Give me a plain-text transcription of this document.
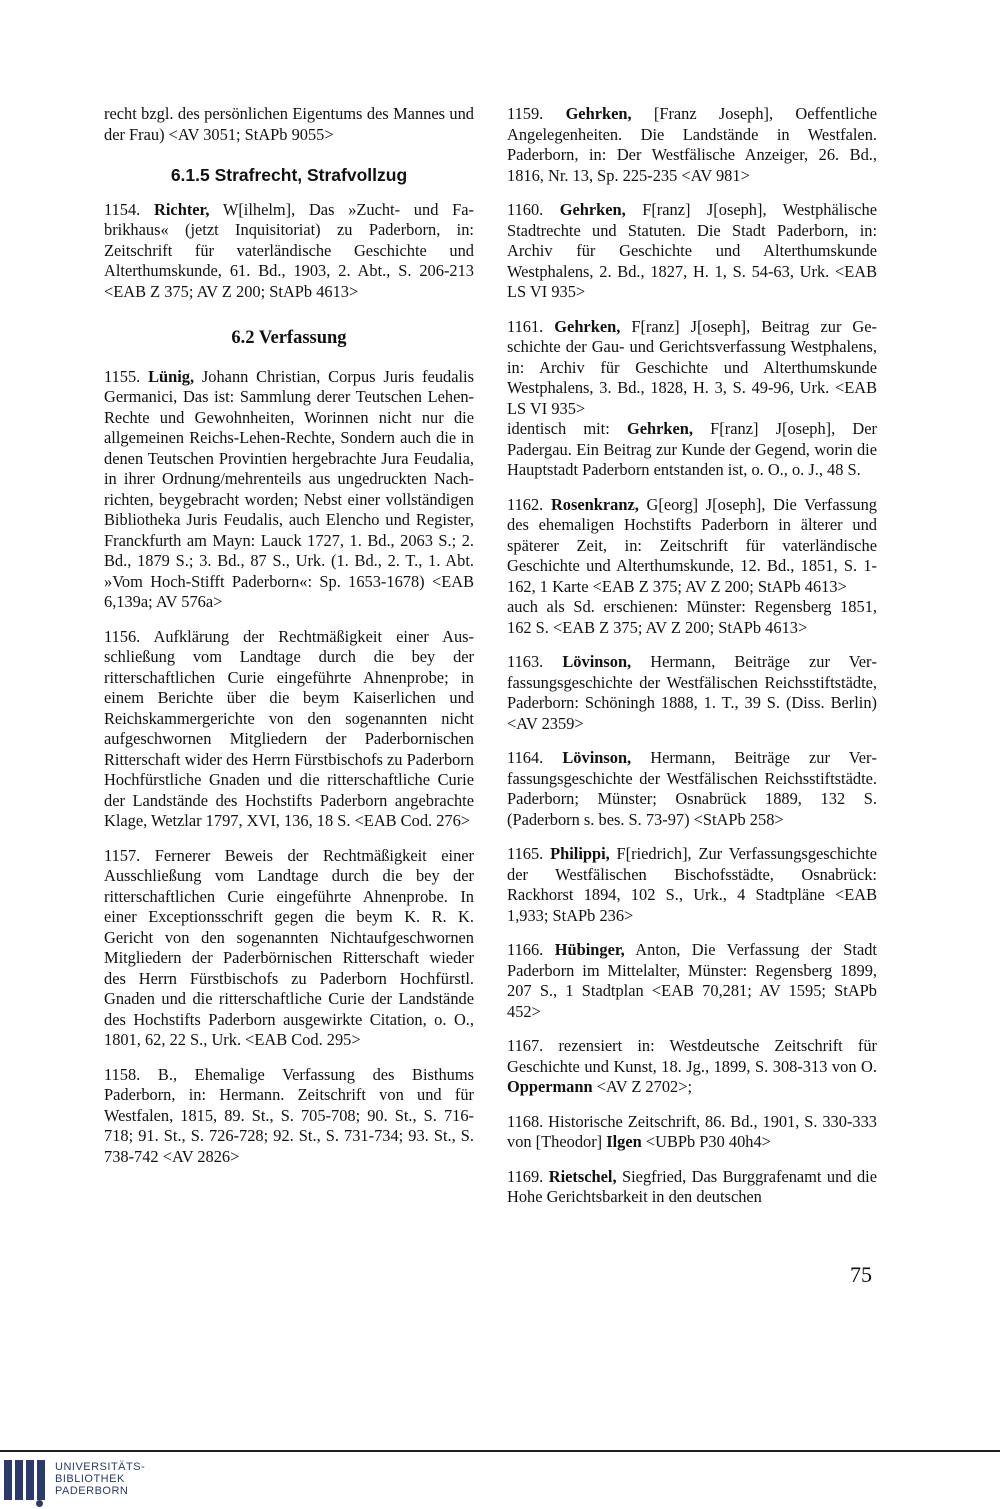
recht bzgl. des persönlichen Eigentums des Mannes und der Frau) <AV 3051; StAPb 9055>

6.1.5 Strafrecht, Strafvollzug

1154. Richter, W[ilhelm], Das »Zucht- und Fabrikhaus« (jetzt Inquisitoriat) zu Paderborn, in: Zeitschrift für vaterländische Geschichte und Alterthumskunde, 61. Bd., 1903, 2. Abt., S. 206-213 <EAB Z 375; AV Z 200; StAPb 4613>

6.2 Verfassung

1155. Lünig, Johann Christian, Corpus Juris feudalis Germanici, Das ist: Sammlung derer Teutschen Lehen-Rechte und Gewohnheiten, Worinnen nicht nur die allgemeinen Reichs-Lehen-Rechte, Sondern auch die in denen Teutschen Provintien hergebrachte Jura Feudalia, in ihrer Ordnung/mehrenteils aus ungedruckten Nachrichten, beygebracht worden; Nebst einer vollständigen Bibliotheka Juris Feudalis, auch Elencho und Register, Franckfurth am Mayn: Lauck 1727, 1. Bd., 2063 S.; 2. Bd., 1879 S.; 3. Bd., 87 S., Urk. (1. Bd., 2. T., 1. Abt. »Vom Hoch-Stifft Paderborn«: Sp. 1653-1678) <EAB 6,139a; AV 576a>

1156. Aufklärung der Rechtmäßigkeit einer Ausschließung vom Landtage durch die bey der ritterschaftlichen Curie eingeführte Ahnenprobe; in einem Berichte über die beym Kaiserlichen und Reichskammergerichte von den sogenannten nicht aufgeschwornen Mitgliedern der Paderbornischen Ritterschaft wider des Herrn Fürstbischofs zu Paderborn Hochfürstliche Gnaden und die ritterschaftliche Curie der Landstände des Hochstifts Paderborn angebrachte Klage, Wetzlar 1797, XVI, 136, 18 S. <EAB Cod. 276>

1157. Fernerer Beweis der Rechtmäßigkeit einer Ausschließung vom Landtage durch die bey der ritterschaftlichen Curie eingeführte Ahnenprobe. In einer Exceptionsschrift gegen die beym K. R. K. Gericht von den sogenannten Nichtaufgeschwornen Mitgliedern der Paderbörnischen Ritterschaft wieder des Herrn Fürstbischofs zu Paderborn Hochfürstl. Gnaden und die ritterschaftliche Curie der Landstände des Hochstifts Paderborn ausgewirkte Citation, o. O., 1801, 62, 22 S., Urk. <EAB Cod. 295>

1158. B., Ehemalige Verfassung des Bisthums Paderborn, in: Hermann. Zeitschrift von und für Westfalen, 1815, 89. St., S. 705-708; 90. St., S. 716-718; 91. St., S. 726-728; 92. St., S. 731-734; 93. St., S. 738-742 <AV 2826>

1159. Gehrken, [Franz Joseph], Oeffentliche Angelegenheiten. Die Landstände in Westfalen. Paderborn, in: Der Westfälische Anzeiger, 26. Bd., 1816, Nr. 13, Sp. 225-235 <AV 981>

1160. Gehrken, F[ranz] J[oseph], Westphälische Stadtrechte und Statuten. Die Stadt Paderborn, in: Archiv für Geschichte und Alterthumskunde Westphalens, 2. Bd., 1827, H. 1, S. 54-63, Urk. <EAB LS VI 935>

1161. Gehrken, F[ranz] J[oseph], Beitrag zur Geschichte der Gau- und Gerichtsverfassung Westphalens, in: Archiv für Geschichte und Alterthumskunde Westphalens, 3. Bd., 1828, H. 3, S. 49-96, Urk. <EAB LS VI 935>

identisch mit: Gehrken, F[ranz] J[oseph], Der Padergau. Ein Beitrag zur Kunde der Gegend, worin die Hauptstadt Paderborn entstanden ist, o. O., o. J., 48 S.

1162. Rosenkranz, G[eorg] J[oseph], Die Verfassung des ehemaligen Hochstifts Paderborn in älterer und späterer Zeit, in: Zeitschrift für vaterländische Geschichte und Alterthumskunde, 12. Bd., 1851, S. 1-162, 1 Karte <EAB Z 375; AV Z 200; StAPb 4613>

auch als Sd. erschienen: Münster: Regensberg 1851, 162 S. <EAB Z 375; AV Z 200; StAPb 4613>

1163. Lövinson, Hermann, Beiträge zur Verfassungsgeschichte der Westfälischen Reichsstiftstädte, Paderborn: Schöningh 1888, 1. T., 39 S. (Diss. Berlin) <AV 2359>

1164. Lövinson, Hermann, Beiträge zur Verfassungsgeschichte der Westfälischen Reichsstiftstädte. Paderborn; Münster; Osnabrück 1889, 132 S. (Paderborn s. bes. S. 73-97) <StAPb 258>

1165. Philippi, F[riedrich], Zur Verfassungsgeschichte der Westfälischen Bischofsstädte, Osnabrück: Rackhorst 1894, 102 S., Urk., 4 Stadtpläne <EAB 1,933; StAPb 236>

1166. Hübinger, Anton, Die Verfassung der Stadt Paderborn im Mittelalter, Münster: Regensberg 1899, 207 S., 1 Stadtplan <EAB 70,281; AV 1595; StAPb 452>

1167. rezensiert in: Westdeutsche Zeitschrift für Geschichte und Kunst, 18. Jg., 1899, S. 308-313 von O. Oppermann <AV Z 2702>;

1168. Historische Zeitschrift, 86. Bd., 1901, S. 330-333 von [Theodor] Ilgen <UBPb P30 40h4>

1169. Rietschel, Siegfried, Das Burggrafenamt und die Hohe Gerichtsbarkeit in den deutschen

75
UNIVERSITÄTS-
BIBLIOTHEK
PADERBORN
